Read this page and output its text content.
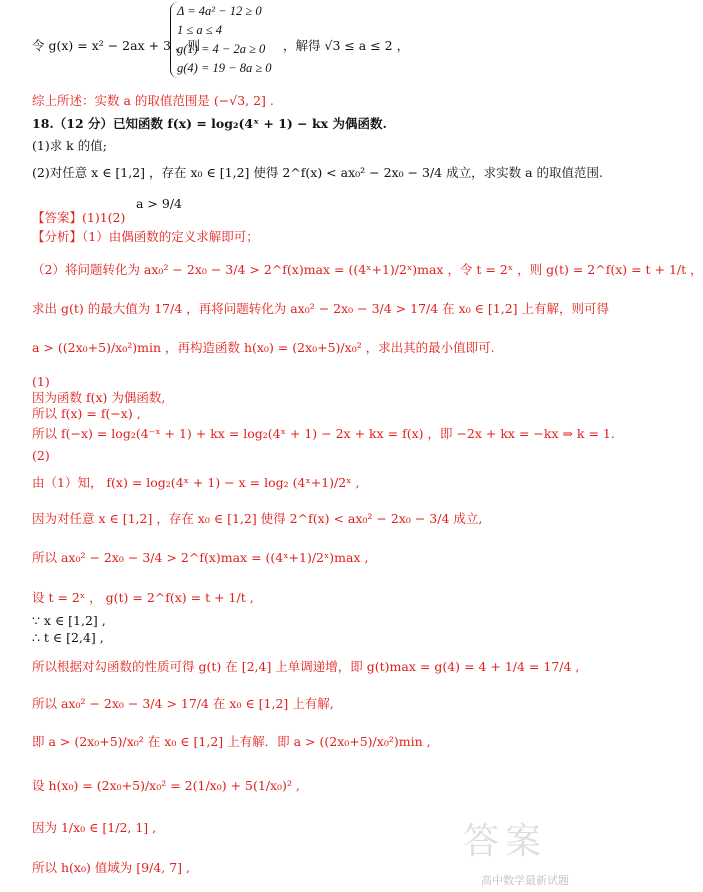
令 g(x) = x² − 2ax + 3 ，则
Δ = 4a² − 12 ≥ 0
1 ≤ a ≤ 4
g(1) = 4 − 2a ≥ 0
g(4) = 19 − 8a ≥ 0
，解得 √3 ≤ a ≤ 2 ，
综上所述：实数 a 的取值范围是 (−√3, 2] .
18.（12 分）已知函数 f(x) = log₂(4ˣ + 1) − kx 为偶函数.
(1)求 k 的值;
(2)对任意 x ∈ [1,2] ，存在 x₀ ∈ [1,2] 使得 2^f(x) < ax₀² − 2x₀ − 3/4 成立，求实数 a 的取值范围.
【答案】(1)1(2)
a > 9/4
【分析】（1）由偶函数的定义求解即可；
（2）将问题转化为 ax₀² − 2x₀ − 3/4 > 2^f(x)max = ((4ˣ+1)/2ˣ)max ，令 t = 2ˣ ，则 g(t) = 2^f(x) = t + 1/t ，
求出 g(t) 的最大值为 17/4 ，再将问题转化为 ax₀² − 2x₀ − 3/4 > 17/4 在 x₀ ∈ [1,2] 上有解，则可得
a > ((2x₀+5)/x₀²)min ，再构造函数 h(x₀) = (2x₀+5)/x₀² ，求出其的最小值即可.
(1)
因为函数 f(x) 为偶函数,
所以 f(x) = f(−x) ,
所以 f(−x) = log₂(4⁻ˣ + 1) + kx = log₂(4ˣ + 1) − 2x + kx = f(x) ，即 −2x + kx = −kx ⇒ k = 1.
(2)
由（1）知， f(x) = log₂(4ˣ + 1) − x = log₂ (4ˣ+1)/2ˣ ,
因为对任意 x ∈ [1,2] ，存在 x₀ ∈ [1,2] 使得 2^f(x) < ax₀² − 2x₀ − 3/4 成立,
所以 ax₀² − 2x₀ − 3/4 > 2^f(x)max = ((4ˣ+1)/2ˣ)max ,
设 t = 2ˣ ， g(t) = 2^f(x) = t + 1/t ,
∵ x ∈ [1,2] ,
∴ t ∈ [2,4] ,
所以根据对勾函数的性质可得 g(t) 在 [2,4] 上单调递增，即 g(t)max = g(4) = 4 + 1/4 = 17/4 ,
所以 ax₀² − 2x₀ − 3/4 > 17/4 在 x₀ ∈ [1,2] 上有解,
即 a > (2x₀+5)/x₀² 在 x₀ ∈ [1,2] 上有解．即 a > ((2x₀+5)/x₀²)min ,
设 h(x₀) = (2x₀+5)/x₀² = 2(1/x₀) + 5(1/x₀)² ,
因为 1/x₀ ∈ [1/2, 1] ,
所以 h(x₀) 值域为 [9/4, 7] ,
答案
高中数学最新试题
